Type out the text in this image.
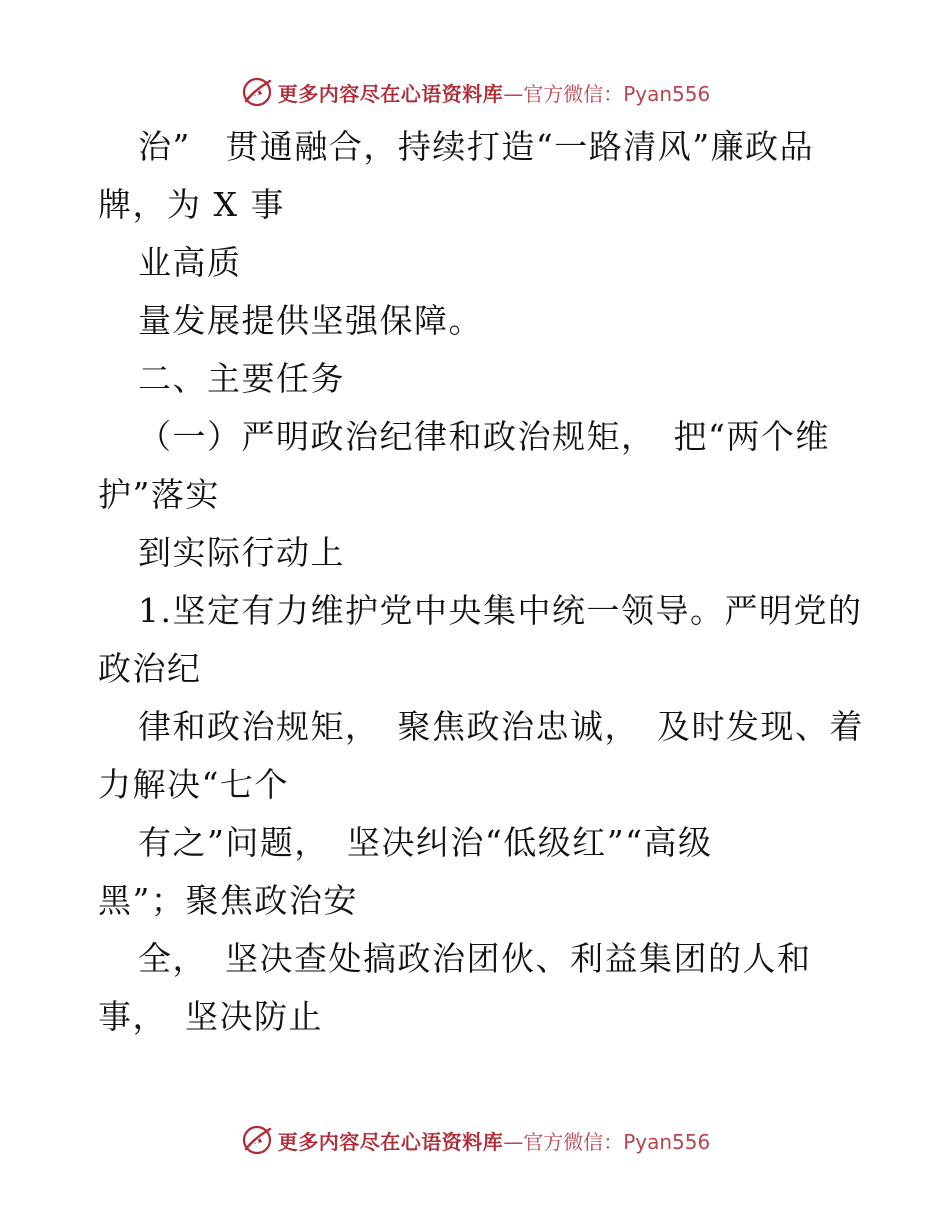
更多内容尽在心语资料库 —官方微信：Pyan556
治”　贯通融合，持续打造“一路清风”廉政品
牌，为 X 事
业高质
量发展提供坚强保障。
二、主要任务
（一）严明政治纪律和政治规矩，　把“两个维
护”落实
到实际行动上
1.坚定有力维护党中央集中统一领导。严明党的
政治纪
律和政治规矩，　聚焦政治忠诚，　及时发现、着
力解决“七个
有之”问题，　坚决纠治“低级红”“高级
黑”；聚焦政治安
全，　坚决查处搞政治团伙、利益集团的人和
事，　坚决防止
更多内容尽在心语资料库 —官方微信：Pyan556
